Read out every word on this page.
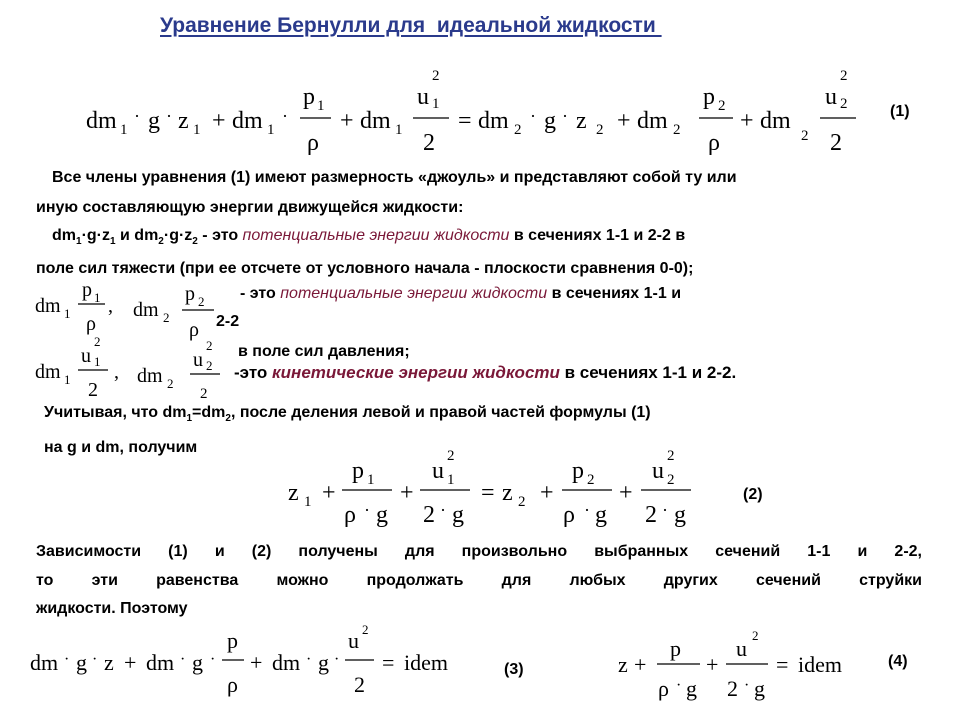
Уравнение Бернулли для  идеальной жидкости
dm 1
· g · z 1 + dm 1
·
p 1
ρ
+ dm 1
u
2
1
2
= dm 2
· g · z 2 + dm 2
p 2
ρ
+ dm
2
u
2
2
2
(1)
Все члены уравнения (1) имеют размерность «джоуль» и представляют собой ту или
иную составляющую энергии движущейся жидкости:
$dm_1\cdot g\cdot z_1$ и $dm_2\cdot g\cdot z_2$ - это потенциальные энергии жидкости в сечениях 1-1 и 2-2 в
поле сил тяжести (при ее отсчете от условного начала - плоскости сравнения 0-0);
dm 1
p 1
ρ
, dm 2
p 2
ρ
- это потенциальные энергии жидкости в сечениях 1-1 и
2-2
в поле сил давления;
dm 1
u
2
1
2
, dm 2
u
2
2
2
-это кинетические энергии жидкости в сечениях 1-1 и 2-2.
Учитывая, что $dm_1=dm_2$, после деления левой и правой частей формулы (1)
на g и dm, получим
z 1 +
p 1
ρ · g
+
u
2
1
2 · g
= z 2 +
p 2
ρ · g
+
u
2
2
2 · g
(2)
Зависимости (1) и (2) получены для произвольно выбранных сечений 1-1 и 2-2,
то эти равенства можно продолжать для любых других сечений струйки
жидкости. Поэтому
dm · g · z + dm · g ·
p
ρ
+ dm · g ·
u 2
2
= idem	(3)	z +
p
ρ · g
+
u
2
2 · g
= idem	(4)
